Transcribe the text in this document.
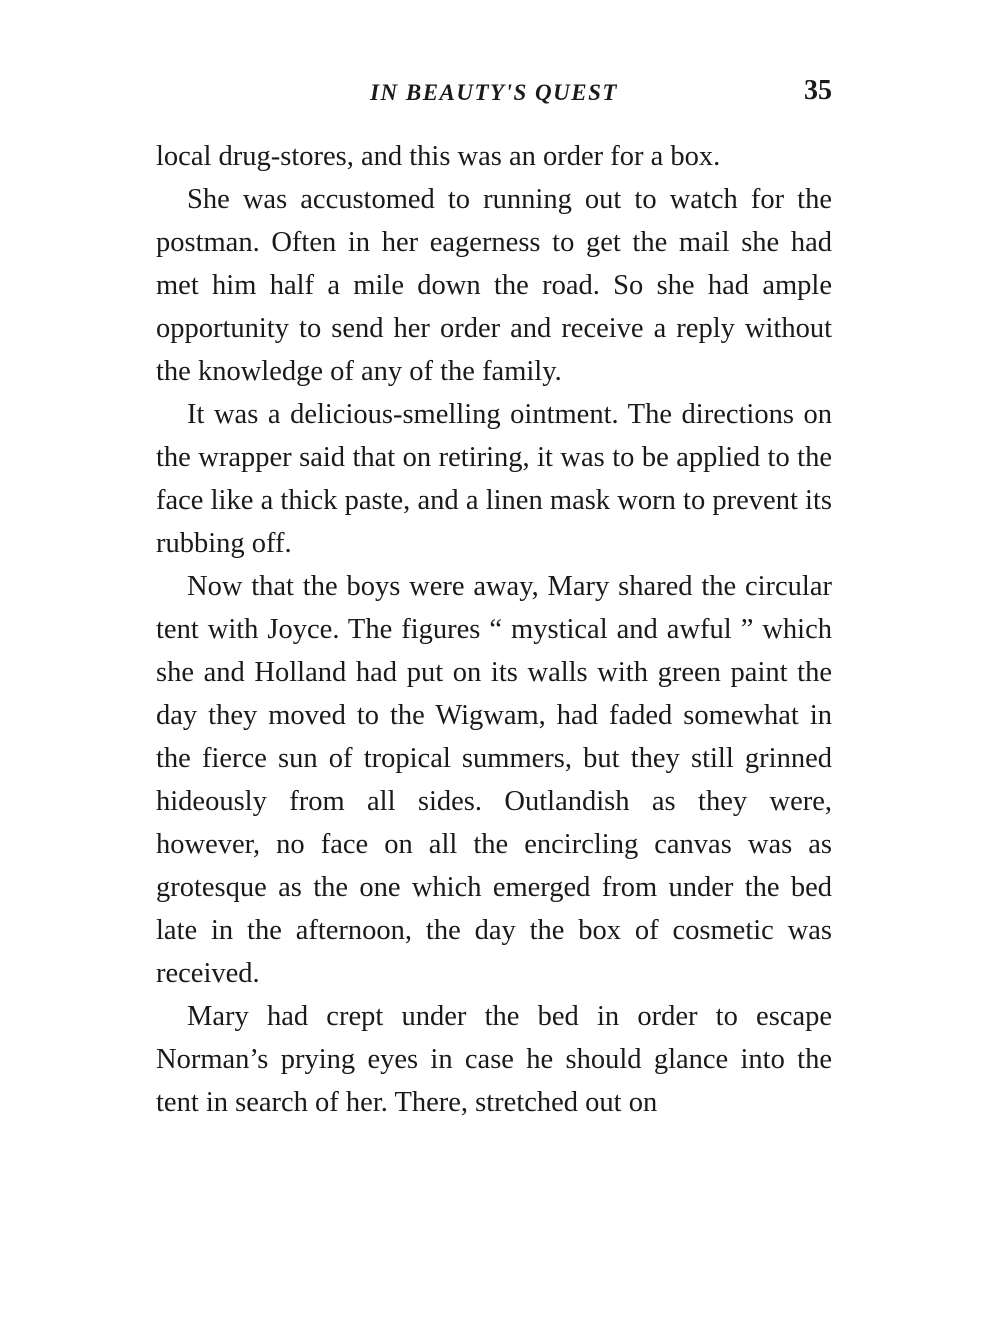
IN BEAUTY'S QUEST	35

local drug-stores, and this was an order for a box.

She was accustomed to running out to watch for the postman. Often in her eagerness to get the mail she had met him half a mile down the road. So she had ample opportunity to send her order and receive a reply without the knowledge of any of the family.

It was a delicious-smelling ointment. The directions on the wrapper said that on retiring, it was to be applied to the face like a thick paste, and a linen mask worn to prevent its rubbing off.

Now that the boys were away, Mary shared the circular tent with Joyce. The figures “ mystical and awful ” which she and Holland had put on its walls with green paint the day they moved to the Wigwam, had faded somewhat in the fierce sun of tropical summers, but they still grinned hideously from all sides. Outlandish as they were, however, no face on all the encircling canvas was as grotesque as the one which emerged from under the bed late in the afternoon, the day the box of cosmetic was received.

Mary had crept under the bed in order to escape Norman’s prying eyes in case he should glance into the tent in search of her. There, stretched out on
